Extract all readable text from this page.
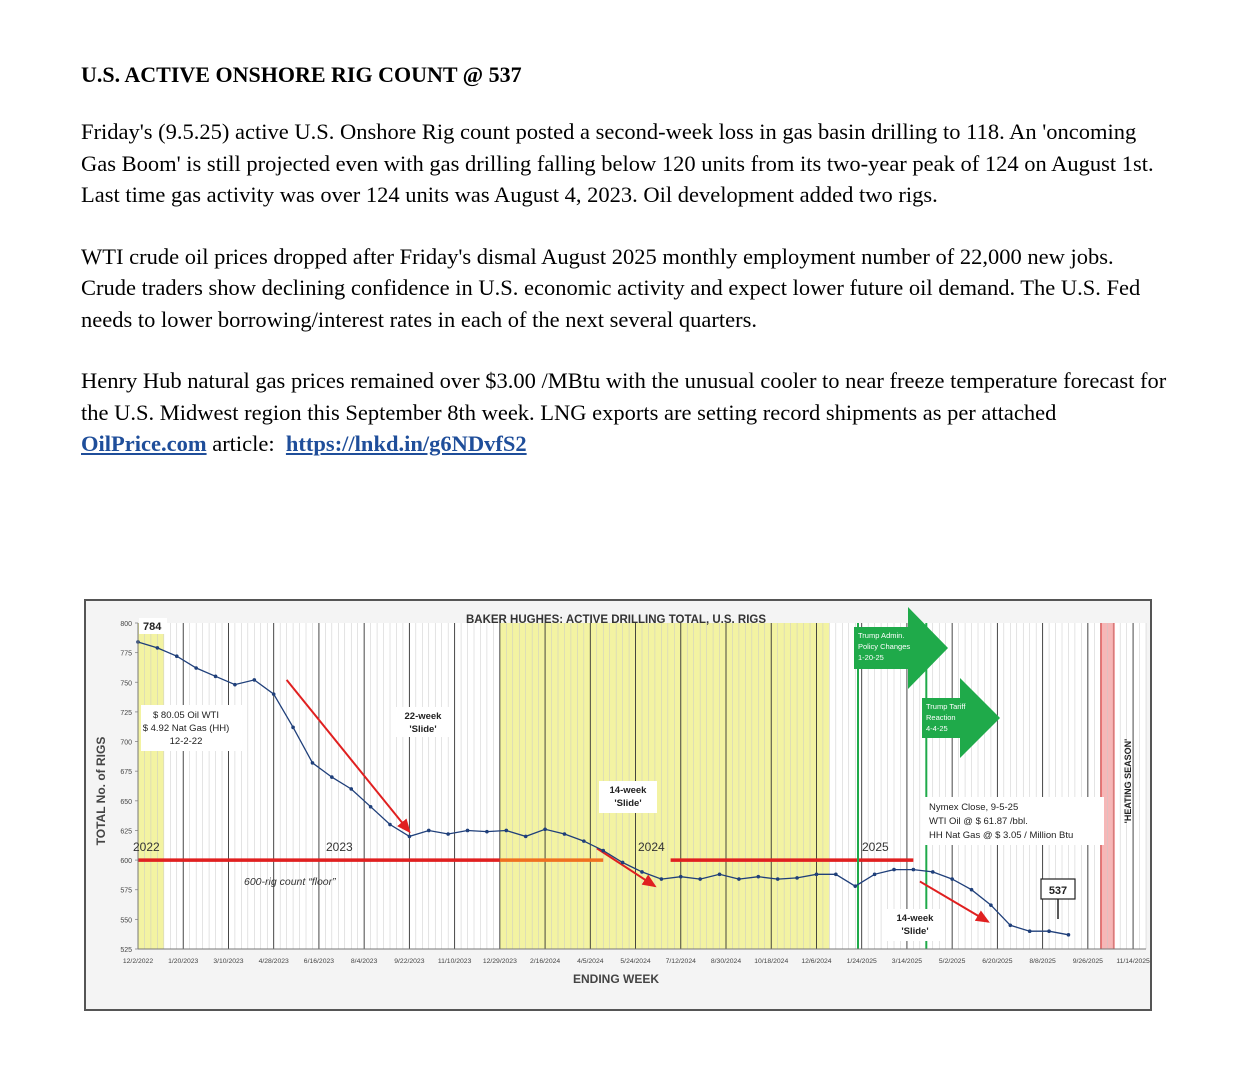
U.S. ACTIVE ONSHORE RIG COUNT @ 537

Friday's (9.5.25) active U.S. Onshore Rig count posted a second-week loss in gas basin drilling to 118. An 'oncoming Gas Boom' is still projected even with gas drilling falling below 120 units from its two-year peak of 124 on August 1st. Last time gas activity was over 124 units was August 4, 2023. Oil development added two rigs.

WTI crude oil prices dropped after Friday's dismal August 2025 monthly employment number of 22,000 new jobs. Crude traders show declining confidence in U.S. economic activity and expect lower future oil demand. The U.S. Fed needs to lower borrowing/interest rates in each of the next several quarters.

Henry Hub natural gas prices remained over $3.00 /MBtu with the unusual cooler to near freeze temperature forecast for the U.S. Midwest region this September 8th week. LNG exports are setting record shipments as per attached OilPrice.com article: https://lnkd.in/g6NDvfS2

525
550
575
600
625
650
675
700
725
750
775
800
12/2/2022 1/20/2023 3/10/2023 4/28/2023 6/16/2023 8/4/2023 9/22/2023 11/10/2023 12/29/2023 2/16/2024 4/5/2024 5/24/2024 7/12/2024 8/30/2024 10/18/2024 12/6/2024 1/24/2025 3/14/2025 5/2/2025 6/20/2025 8/8/2025 9/26/2025 11/14/2025
BAKER HUGHES: ACTIVE DRILLING TOTAL, U.S. RIGS
ENDING WEEK
TOTAL No. of RIGS
2022	2023	2024	2025
784
$ 80.05 Oil WTI
$ 4.92 Nat Gas (HH)
12-2-22
22-week
'Slide'
14-week
'Slide'
14-week
'Slide'
Trump Admin.
Policy Changes
1-20-25
Trump Tariff
Reaction
4-4-25
Nymex Close, 9-5-25
WTI Oil @ $ 61.87 /bbl.
HH Nat Gas @ $ 3.05 / Million Btu
537
'HEATING SEASON'
600-rig count “floor”
